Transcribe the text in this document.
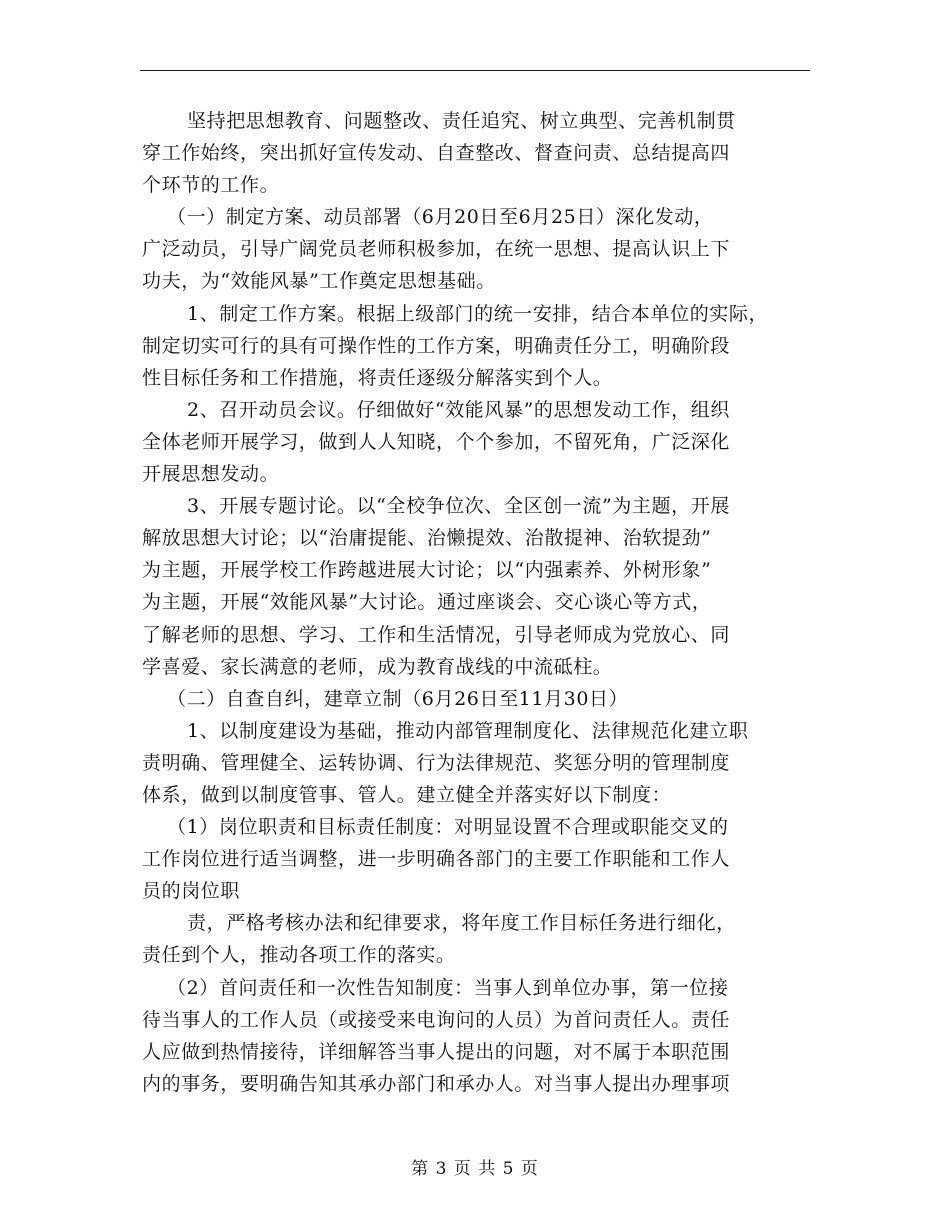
坚持把思想教育、问题整改、责任追究、树立典型、完善机制贯
穿工作始终，突出抓好宣传发动、自查整改、督查问责、总结提高四
个环节的工作。
（一）制定方案、动员部署（6月20日至6月25日）深化发动，
广泛动员，引导广阔党员老师积极参加，在统一思想、提高认识上下
功夫，为“效能风暴”工作奠定思想基础。
1、制定工作方案。根据上级部门的统一安排，结合本单位的实际，
制定切实可行的具有可操作性的工作方案，明确责任分工，明确阶段
性目标任务和工作措施，将责任逐级分解落实到个人。
2、召开动员会议。仔细做好“效能风暴”的思想发动工作，组织
全体老师开展学习，做到人人知晓，个个参加，不留死角，广泛深化
开展思想发动。
3、开展专题讨论。以“全校争位次、全区创一流”为主题，开展
解放思想大讨论；以“治庸提能、治懒提效、治散提神、治软提劲”
为主题，开展学校工作跨越进展大讨论；以“内强素养、外树形象”
为主题，开展“效能风暴”大讨论。通过座谈会、交心谈心等方式，
了解老师的思想、学习、工作和生活情况，引导老师成为党放心、同
学喜爱、家长满意的老师，成为教育战线的中流砥柱。
（二）自查自纠，建章立制（6月26日至11月30日）
1、以制度建设为基础，推动内部管理制度化、法律规范化建立职
责明确、管理健全、运转协调、行为法律规范、奖惩分明的管理制度
体系，做到以制度管事、管人。建立健全并落实好以下制度：
（1）岗位职责和目标责任制度：对明显设置不合理或职能交叉的
工作岗位进行适当调整，进一步明确各部门的主要工作职能和工作人
员的岗位职
责，严格考核办法和纪律要求，将年度工作目标任务进行细化，
责任到个人，推动各项工作的落实。
（2）首问责任和一次性告知制度：当事人到单位办事，第一位接
待当事人的工作人员（或接受来电询问的人员）为首问责任人。责任
人应做到热情接待，详细解答当事人提出的问题，对不属于本职范围
内的事务，要明确告知其承办部门和承办人。对当事人提出办理事项
第 3 页 共 5 页
